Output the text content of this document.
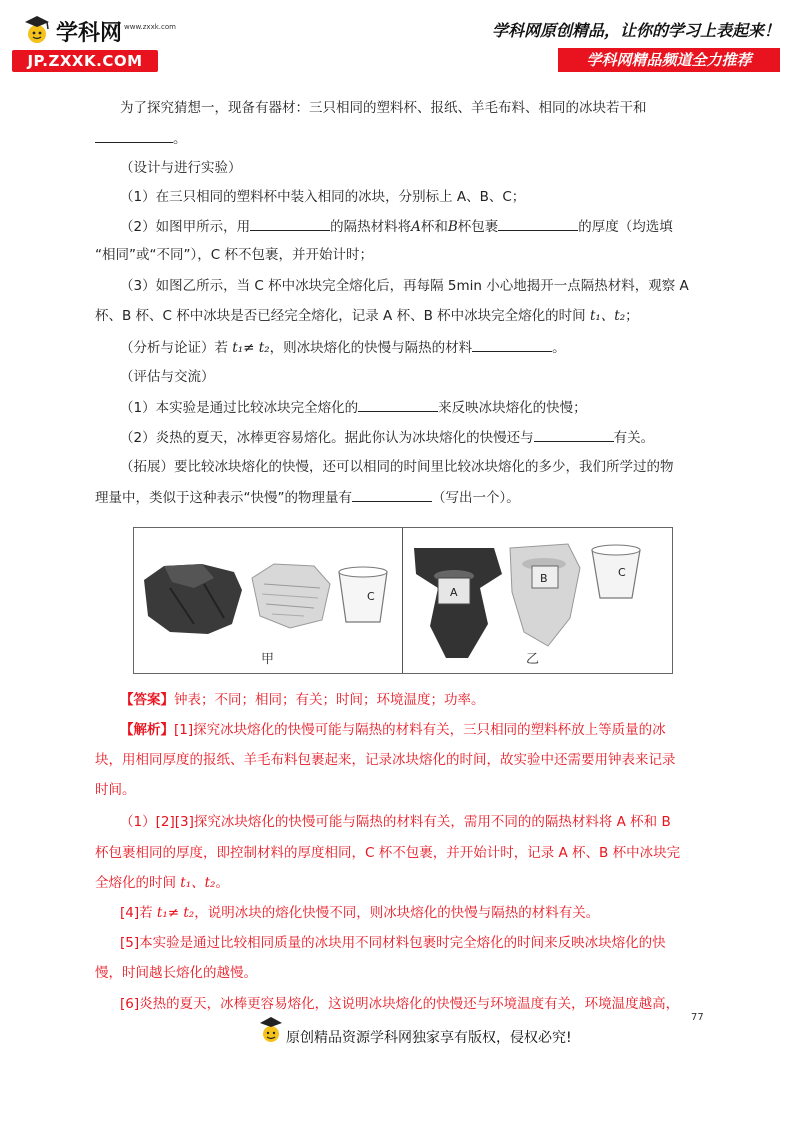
学科网 www.zxxk.com
JP.ZXXK.COM
学科网原创精品，让你的学习上表起来！
学科网精品频道全力推荐
为了探究猜想一，现备有器材：三只相同的塑料杯、报纸、羊毛布料、相同的冰块若干和
。
（设计与进行实验）
（1）在三只相同的塑料杯中装入相同的冰块，分别标上 A、B、C；
（2）如图甲所示，用	的隔热材料将A杯和B杯包裹	的厚度（均选填
“相同”或“不同”），C 杯不包裹，并开始计时；
（3）如图乙所示，当 C 杯中冰块完全熔化后，再每隔 5min 小心地揭开一点隔热材料，观察 A
杯、B 杯、C 杯中冰块是否已经完全熔化，记录 A 杯、B 杯中冰块完全熔化的时间 t₁、t₂；
（分析与论证）若 t₁≠ t₂，则冰块熔化的快慢与隔热的材料	。
（评估与交流）
（1）本实验是通过比较冰块完全熔化的	来反映冰块熔化的快慢；
（2）炎热的夏天，冰棒更容易熔化。据此你认为冰块熔化的快慢还与	有关。
（拓展）要比较冰块熔化的快慢，还可以相同的时间里比较冰块熔化的多少，我们所学过的物
理量中，类似于这种表示“快慢”的物理量有	（写出一个）。
C	A
B	C
甲	乙
【答案】钟表；不同；相同；有关；时间；环境温度；功率。
【解析】[1]探究冰块熔化的快慢可能与隔热的材料有关，三只相同的塑料杯放上等质量的冰
块，用相同厚度的报纸、羊毛布料包裹起来，记录冰块熔化的时间，故实验中还需要用钟表来记录
时间。
（1）[2][3]探究冰块熔化的快慢可能与隔热的材料有关，需用不同的的隔热材料将 A 杯和 B
杯包裹相同的厚度，即控制材料的厚度相同，C 杯不包裹，并开始计时，记录 A 杯、B 杯中冰块完
全熔化的时间 t₁、t₂。
[4]若 t₁≠ t₂，说明冰块的熔化快慢不同，则冰块熔化的快慢与隔热的材料有关。
[5]本实验是通过比较相同质量的冰块用不同材料包裹时完全熔化的时间来反映冰块熔化的快
慢，时间越长熔化的越慢。
[6]炎热的夏天，冰棒更容易熔化，这说明冰块熔化的快慢还与环境温度有关，环境温度越高，
77
原创精品资源学科网独家享有版权，侵权必究!
